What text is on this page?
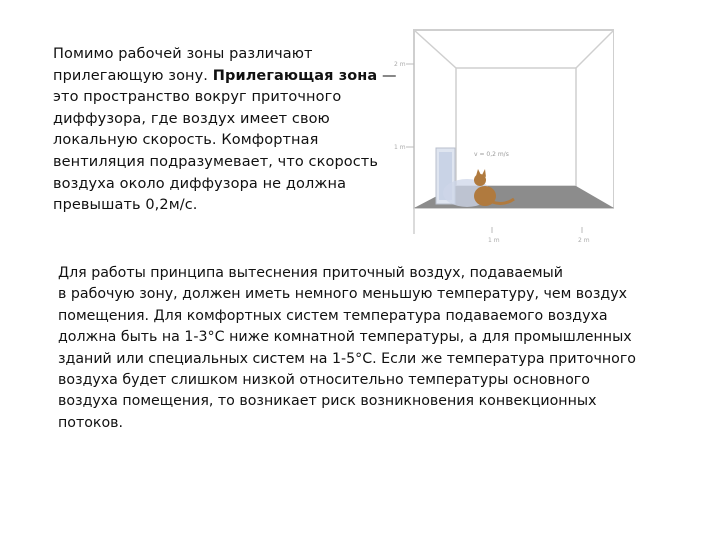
Помимо рабочей зоны различают
прилегающую зону. Прилегающая зона —
это пространство вокруг приточного
диффузора, где воздух имеет свою
локальную скорость. Комфортная
вентиляция подразумевает, что скорость
воздуха около диффузора не должна
превышать 0,2м/с.
2 m
1 m
1 m	2 m
v = 0,2 m/s
Для работы принципа вытеснения приточный воздух, подаваемый
в рабочую зону, должен иметь немного меньшую температуру, чем воздух
помещения. Для комфортных систем температура подаваемого воздуха
должна быть на 1-3°C ниже комнатной температуры, а для промышленных
зданий или специальных систем на 1-5°C. Если же температура приточного
воздуха будет слишком низкой относительно температуры основного
воздуха помещения, то возникает риск возникновения конвекционных
потоков.
